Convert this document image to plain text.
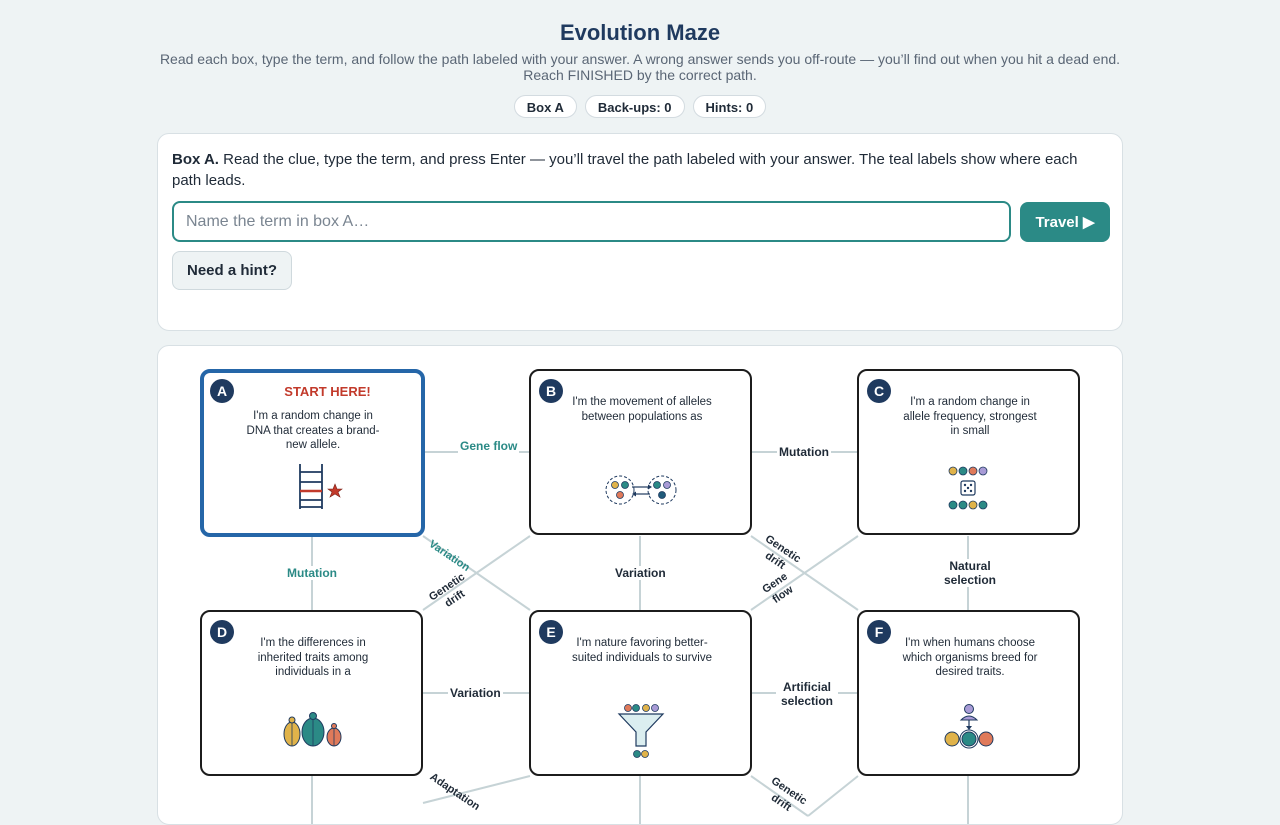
Evolution Maze
Read each box, type the term, and follow the path labeled with your answer. A wrong answer sends you off-route — you’ll find out when you hit a dead end. Reach FINISHED by the correct path.
Box A	Back-ups: 0	Hints: 0
Box A. Read the clue, type the term, and press Enter — you’ll travel the path labeled with your answer. The teal labels show where each path leads.
Name the term in box A…
Travel ▶
Need a hint?
Gene flow	Mutation
Mutation	Variation	Natural selection
Variation	Artificial selection
Variation
Genetic drift
Genetic drift
Gene flow
Adaptation	Genetic drift
A	START HERE!
I'm a random change in DNA that creates a brand-new allele.
B
I'm the movement of alleles between populations as
C
I'm a random change in allele frequency, strongest in small
D
I'm the differences in inherited traits among individuals in a
E
I'm nature favoring better-suited individuals to survive
F
I'm when humans choose which organisms breed for desired traits.
